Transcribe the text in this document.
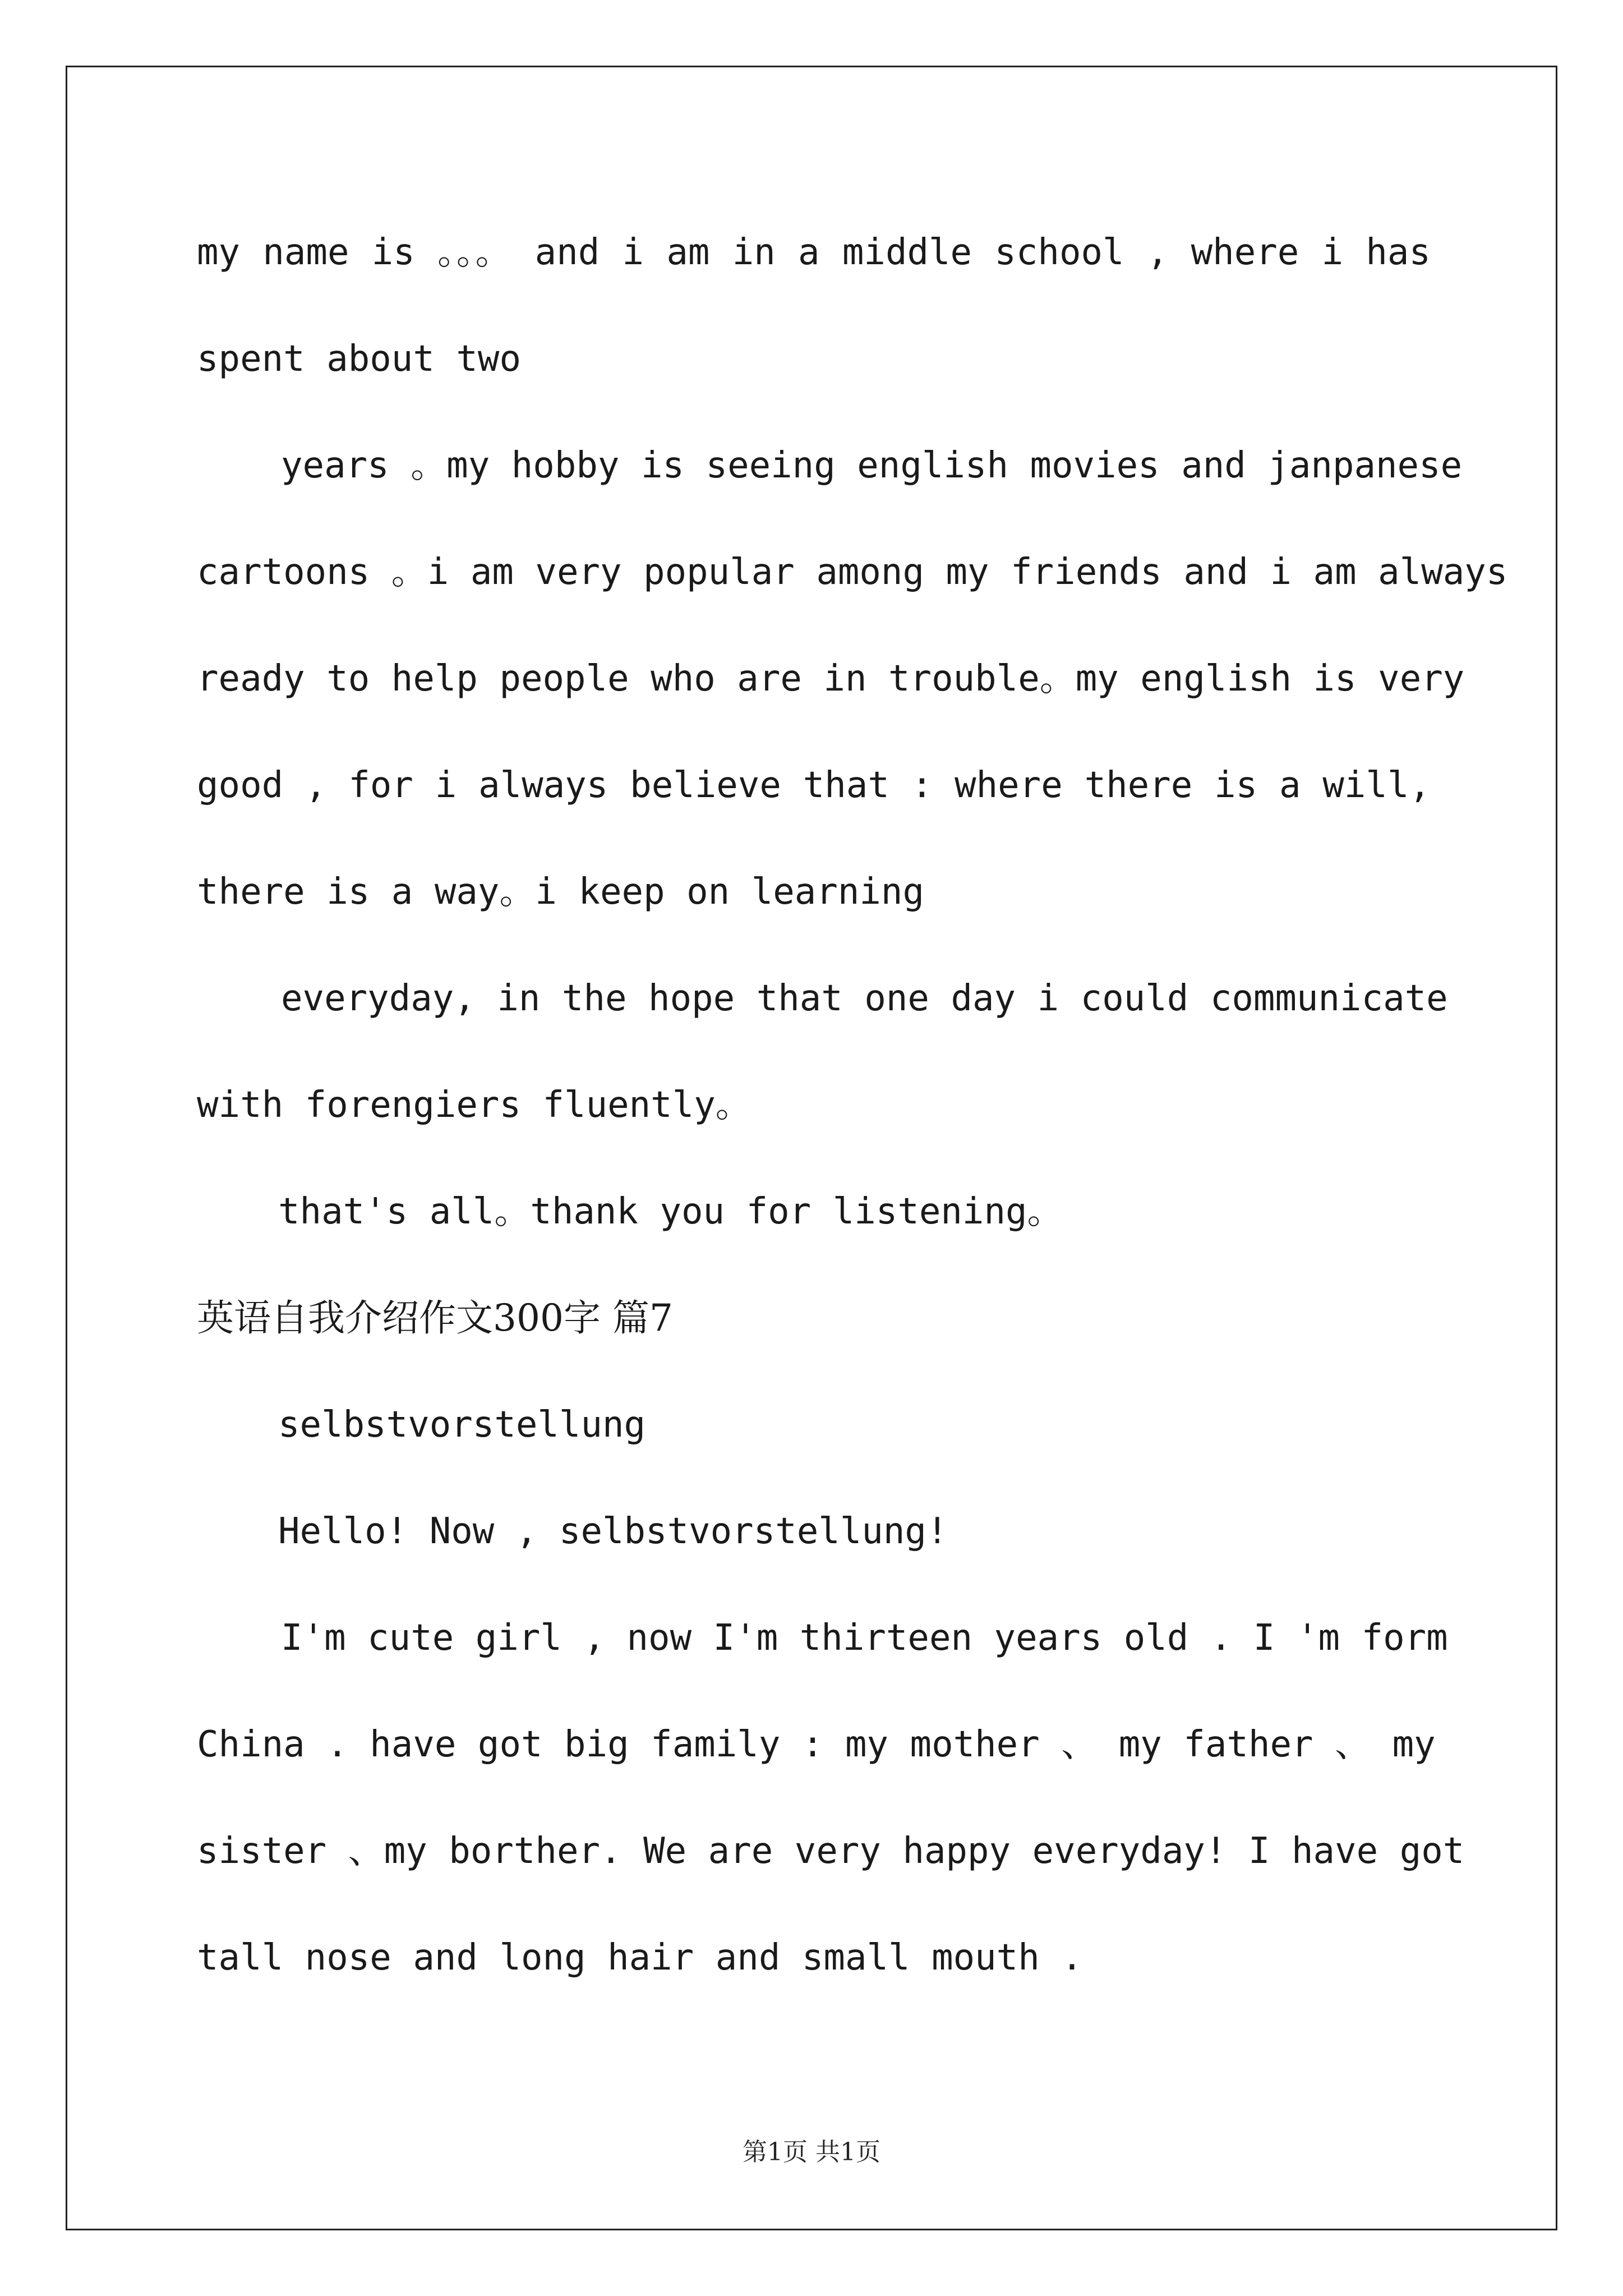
my name is 。。。 and i am in a middle school , where i has
spent about two
years 。my hobby is seeing english movies and janpanese
cartoons 。i am very popular among my friends and i am always
ready to help people who are in trouble。my english is very
good , for i always believe that : where there is a will,
there is a way。i keep on learning
everyday, in the hope that one day i could communicate
with forengiers fluently。
that's all。thank you for listening。
英语自我介绍作文300字 篇7
selbstvorstellung
Hello! Now , selbstvorstellung!
I'm cute girl , now I'm thirteen years old . I 'm form
China . have got big family : my mother 、 my father 、 my
sister 、my borther. We are very happy everyday! I have got
tall nose and long hair and small mouth .
第1页 共1页
